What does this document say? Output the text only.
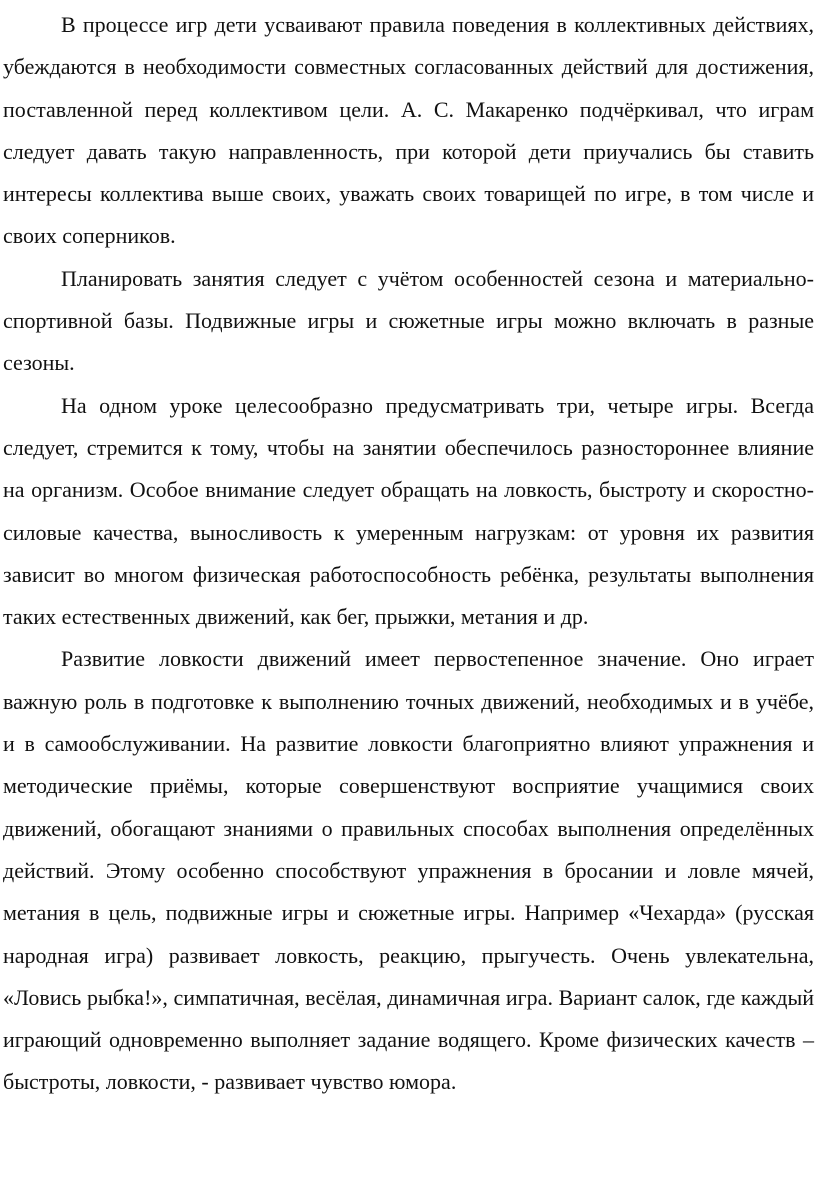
В процессе игр дети усваивают правила поведения в коллективных действиях, убеждаются в необходимости совместных согласованных действий для достижения, поставленной перед коллективом цели. А. С. Макаренко подчёркивал, что играм следует давать такую направленность, при которой дети приучались бы ставить интересы коллектива выше своих, уважать своих товарищей по игре, в том числе и своих соперников.

Планировать занятия следует с учётом особенностей сезона и материально-спортивной базы. Подвижные игры и сюжетные игры можно включать в разные сезоны.

На одном уроке целесообразно предусматривать три, четыре игры. Всегда следует, стремится к тому, чтобы на занятии обеспечилось разностороннее влияние на организм. Особое внимание следует обращать на ловкость, быстроту и скоростно-силовые качества, выносливость к умеренным нагрузкам: от уровня их развития зависит во многом физическая работоспособность ребёнка, результаты выполнения таких естественных движений, как бег, прыжки, метания и др.

Развитие ловкости движений имеет первостепенное значение. Оно играет важную роль в подготовке к выполнению точных движений, необходимых и в учёбе, и в самообслуживании. На развитие ловкости благоприятно влияют упражнения и методические приёмы, которые совершенствуют восприятие учащимися своих движений, обогащают знаниями о правильных способах выполнения определённых действий. Этому особенно способствуют упражнения в бросании и ловле мячей, метания в цель, подвижные игры и сюжетные игры. Например «Чехарда» (русская народная игра) развивает ловкость, реакцию, прыгучесть. Очень увлекательна, «Ловись рыбка!», симпатичная, весёлая, динамичная игра. Вариант салок, где каждый играющий одновременно выполняет задание водящего. Кроме физических качеств – быстроты, ловкости, - развивает чувство юмора.
